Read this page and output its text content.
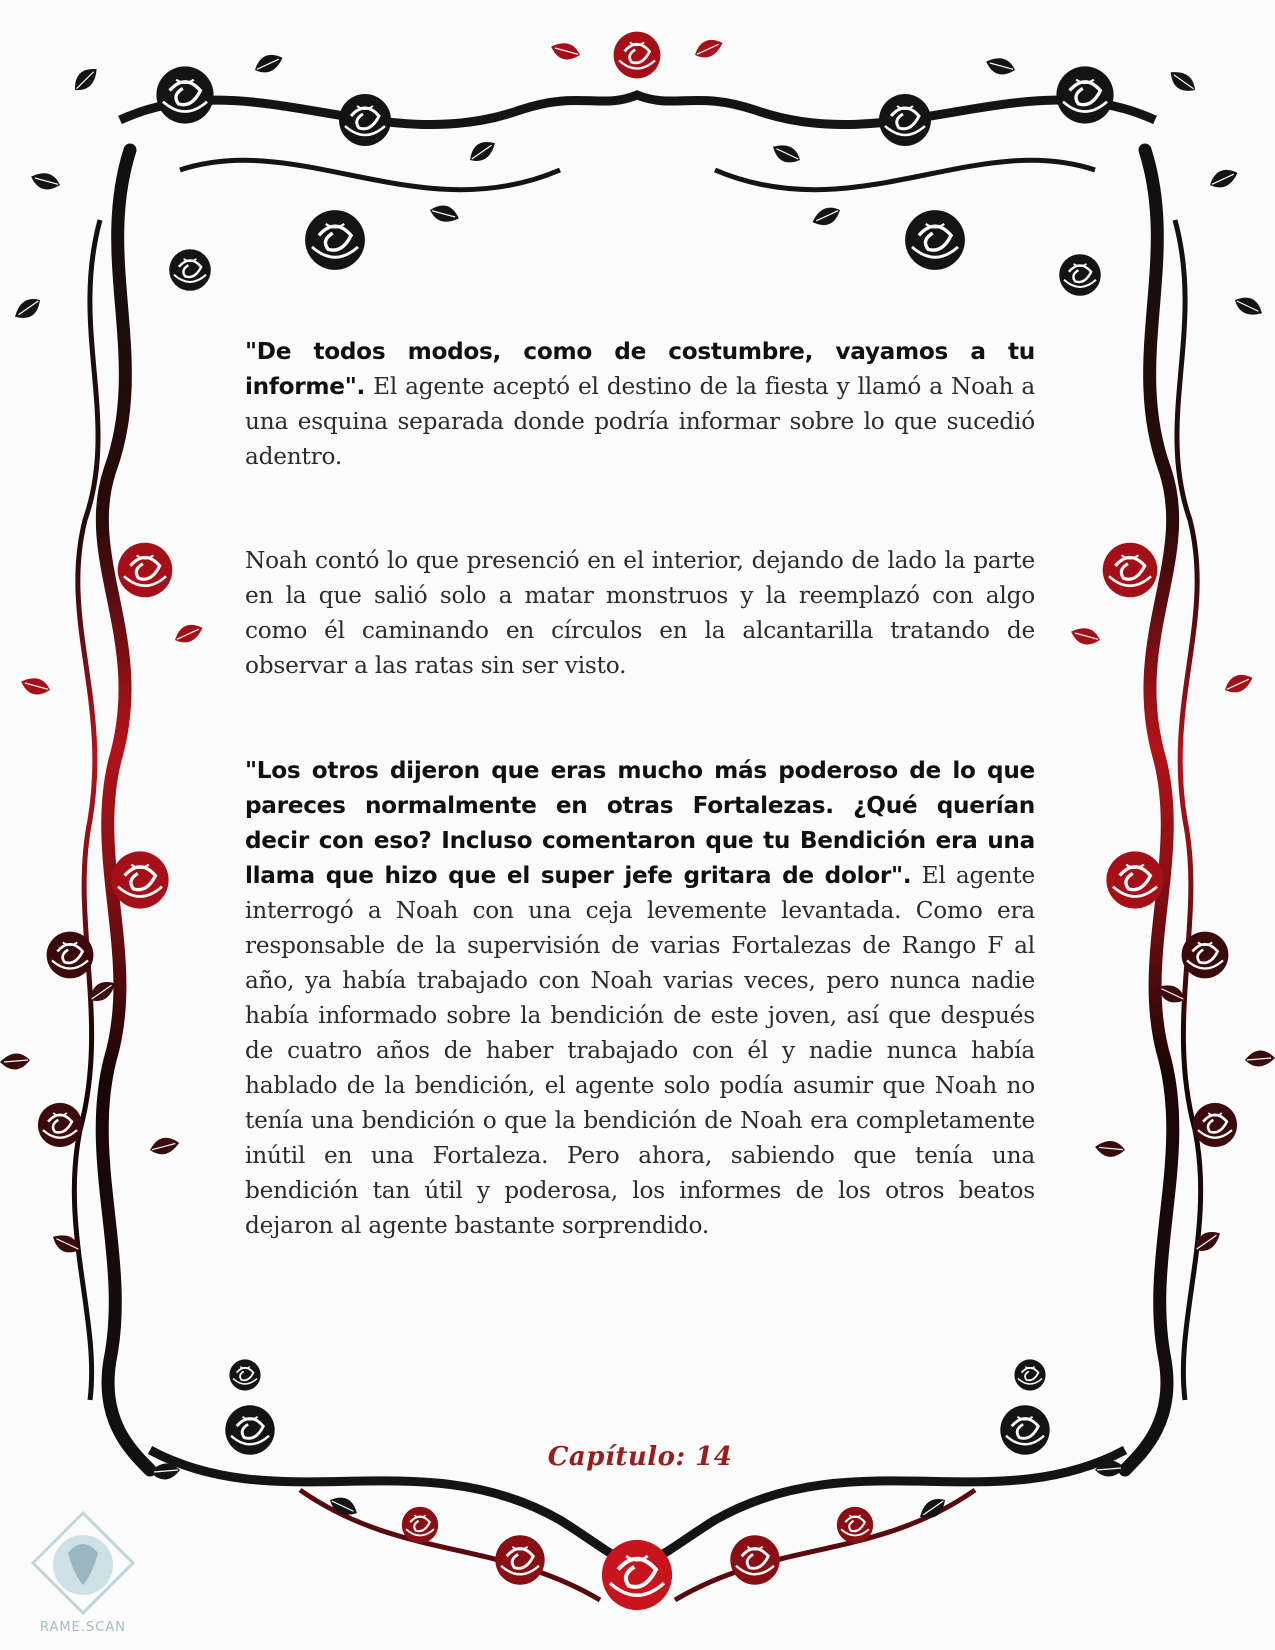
"De todos modos, como de costumbre, vayamos a tu informe". El agente aceptó el destino de la fiesta y llamó a Noah a una esquina separada donde podría informar sobre lo que sucedió adentro.

Noah contó lo que presenció en el interior, dejando de lado la parte en la que salió solo a matar monstruos y la reemplazó con algo como él caminando en círculos en la alcantarilla tratando de observar a las ratas sin ser visto.

"Los otros dijeron que eras mucho más poderoso de lo que pareces normalmente en otras Fortalezas. ¿Qué querían decir con eso? Incluso comentaron que tu Bendición era una llama que hizo que el super jefe gritara de dolor". El agente interrogó a Noah con una ceja levemente levantada. Como era responsable de la supervisión de varias Fortalezas de Rango F al año, ya había trabajado con Noah varias veces, pero nunca nadie había informado sobre la bendición de este joven, así que después de cuatro años de haber trabajado con él y nadie nunca había hablado de la bendición, el agente solo podía asumir que Noah no tenía una bendición o que la bendición de Noah era completamente inútil en una Fortaleza. Pero ahora, sabiendo que tenía una bendición tan útil y poderosa, los informes de los otros beatos dejaron al agente bastante sorprendido.

Capítulo: 14
RAME.SCAN
